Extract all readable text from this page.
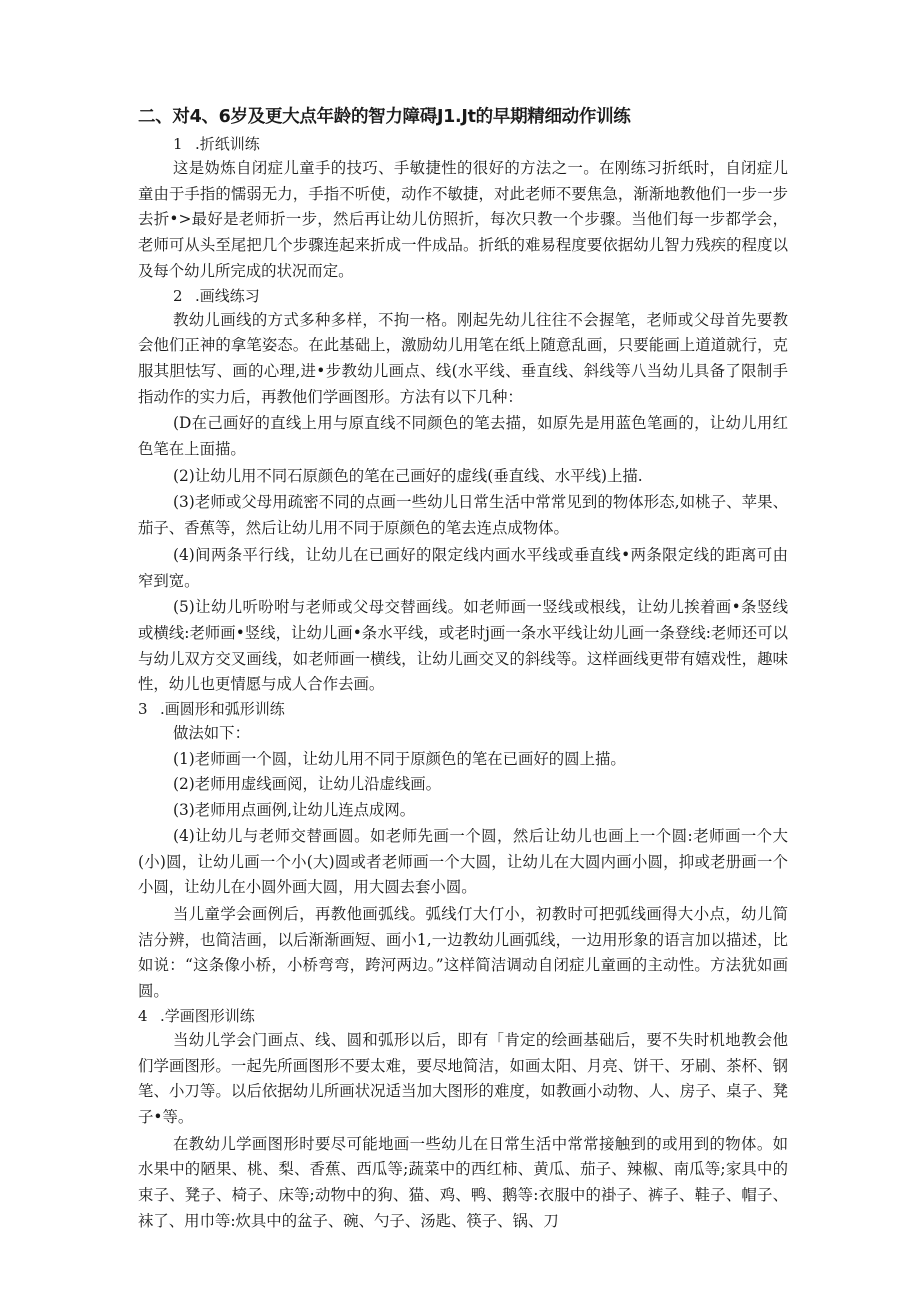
二、对4、6岁及更大点年龄的智力障碍J1.Jt的早期精细动作训练

1 .折纸训练

这是妫炼自闭症儿童手的技巧、手敏捷性的很好的方法之一。在刚练习折纸时，自闭症儿童由于手指的懦弱无力，手指不听使，动作不敏捷，对此老师不要焦急，渐渐地教他们一步一步去折•>最好是老师折一步，然后再让幼儿仿照折，每次只教一个步骤。当他们每一步都学会，老师可从头至尾把几个步骤连起来折成一件成品。折纸的难易程度要依据幼儿智力残疾的程度以及每个幼儿所完成的状况而定。

2 .画线练习

教幼儿画线的方式多种多样，不拘一格。刚起先幼儿往往不会握笔，老师或父母首先要教会他们正神的拿笔姿态。在此基础上，激励幼儿用笔在纸上随意乱画，只要能画上道道就行，克服其胆怯写、画的心理,进•步教幼儿画点、线(水平线、垂直线、斜线等八当幼儿具备了限制手指动作的实力后，再教他们学画图形。方法有以下几种：

(D在己画好的直线上用与原直线不同颜色的笔去描，如原先是用蓝色笔画的，让幼儿用红色笔在上面描。

(2)让幼儿用不同石原颜色的笔在己画好的虚线(垂直线、水平线)上描.

(3)老师或父母用疏密不同的点画一些幼儿日常生活中常常见到的物体形态,如桃子、苹果、茄子、香蕉等，然后让幼儿用不同于原颜色的笔去连点成物体。

(4)间两条平行线，让幼儿在已画好的限定线内画水平线或垂直线•两条限定线的距离可由窄到宽。

(5)让幼儿听吩咐与老师或父母交替画线。如老师画一竖线或根线，让幼儿挨着画•条竖线或横线:老师画•竖线，让幼儿画•条水平线，或老时j画一条水平线让幼儿画一条登线:老师还可以与幼儿双方交叉画线，如老师画一横线，让幼儿画交叉的斜线等。这样画线更带有嬉戏性，趣味性，幼儿也更情愿与成人合作去画。

3 .画圆形和弧形训练

做法如下：

(1)老师画一个圆，让幼儿用不同于原颜色的笔在已画好的圆上描。

(2)老师用虚线画阅，让幼儿沿虚线画。

(3)老师用点画例,让幼儿连点成网。

(4)让幼儿与老师交替画圆。如老师先画一个圆，然后让幼儿也画上一个圆:老师画一个大(小)圆，让幼儿画一个小(大)圆或者老师画一个大圆，让幼儿在大圆内画小圆，抑或老册画一个小圆，让幼儿在小圆外画大圆，用大圆去套小圆。

当儿童学会画例后，再教他画弧线。弧线仃大仃小，初教时可把弧线画得大小点，幼儿简洁分辨，也简洁画，以后渐渐画短、画小1,一边教幼儿画弧线，一边用形象的语言加以描述，比如说：“这条像小桥，小桥弯弯，跨河两边。”这样简洁调动自闭症儿童画的主动性。方法犹如画圆。

4 .学画图形训练

当幼儿学会门画点、线、圆和弧形以后，即有「肯定的绘画基础后，要不失时机地教会他们学画图形。一起先所画图形不要太难，要尽地简洁，如画太阳、月亮、饼干、牙刷、茶杯、钢笔、小刀等。以后依据幼儿所画状况适当加大图形的难度，如教画小动物、人、房子、桌子、凳子•等。

在教幼儿学画图形时要尽可能地画一些幼儿在日常生活中常常接触到的或用到的物体。如水果中的陋果、桃、梨、香蕉、西瓜等;蔬菜中的西红柿、黄瓜、茄子、辣椒、南瓜等;家具中的束子、凳子、椅子、床等;动物中的狗、猫、鸡、鸭、鹅等:衣服中的褂子、裤子、鞋子、帽子、袜了、用巾等:炊具中的盆子、碗、勺子、汤匙、筷子、锅、刀
